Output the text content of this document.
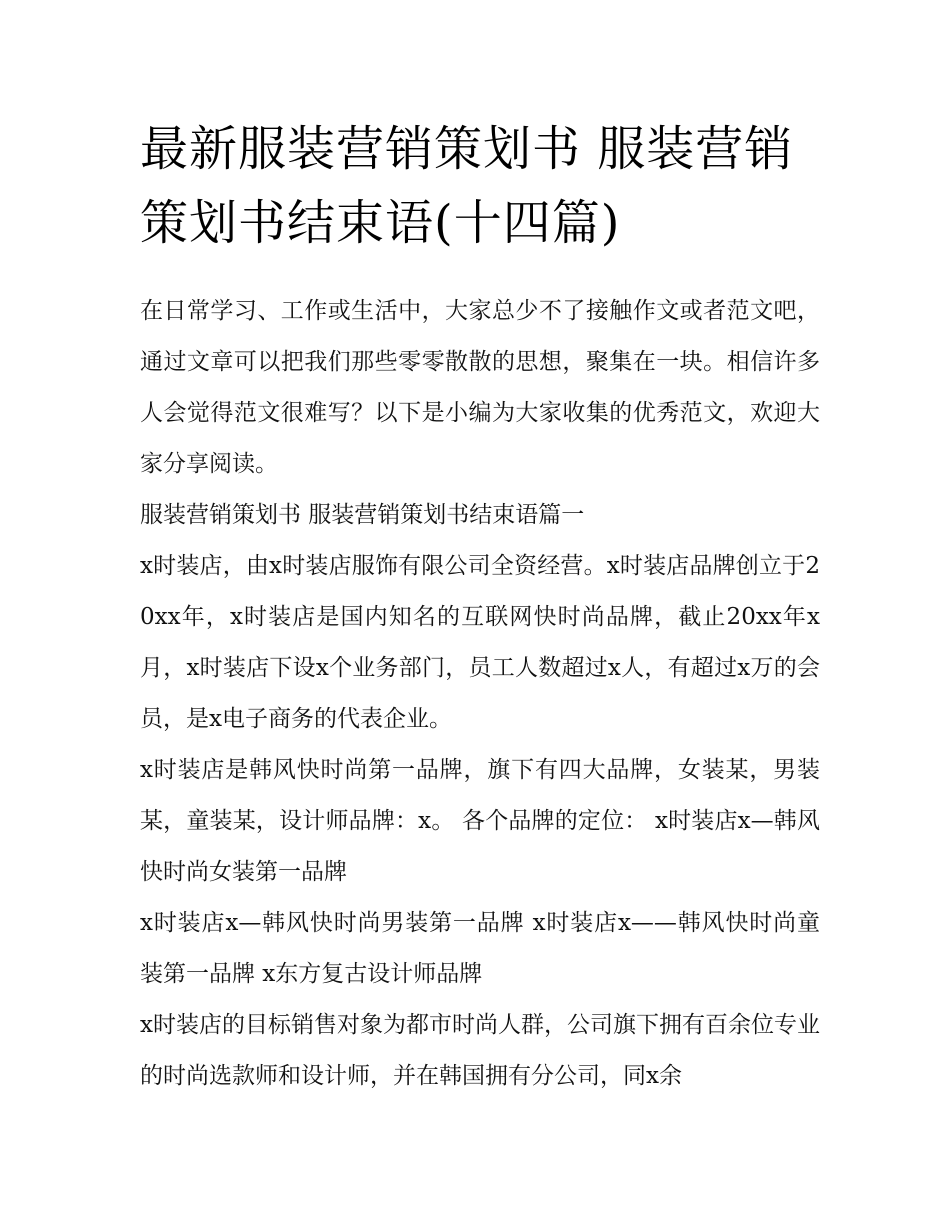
最新服装营销策划书 服装营销策划书结束语(十四篇)

在日常学习、工作或生活中，大家总少不了接触作文或者范文吧，通过文章可以把我们那些零零散散的思想，聚集在一块。相信许多人会觉得范文很难写？以下是小编为大家收集的优秀范文，欢迎大家分享阅读。

服装营销策划书 服装营销策划书结束语篇一

x时装店，由x时装店服饰有限公司全资经营。x时装店品牌创立于20xx年，x时装店是国内知名的互联网快时尚品牌，截止20xx年x月，x时装店下设x个业务部门，员工人数超过x人，有超过x万的会员，是x电子商务的代表企业。

x时装店是韩风快时尚第一品牌，旗下有四大品牌，女装某，男装某，童装某，设计师品牌：x。 各个品牌的定位： x时装店x—韩风快时尚女装第一品牌

x时装店x—韩风快时尚男装第一品牌 x时装店x——韩风快时尚童装第一品牌 x东方复古设计师品牌

x时装店的目标销售对象为都市时尚人群，公司旗下拥有百余位专业的时尚选款师和设计师，并在韩国拥有分公司，同x余
